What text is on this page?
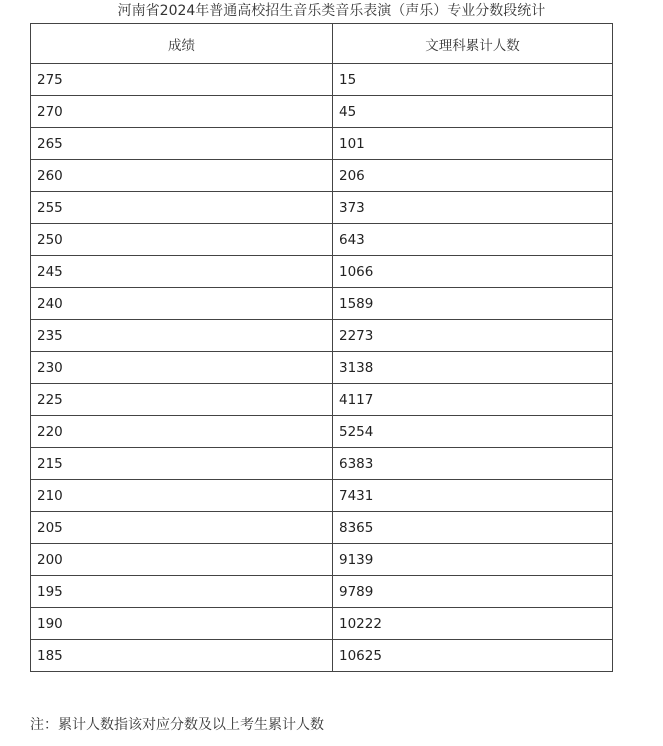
河南省2024年普通高校招生音乐类音乐表演（声乐）专业分数段统计
成绩	文理科累计人数
275	15
270	45
265	101
260	206
255	373
250	643
245	1066
240	1589
235	2273
230	3138
225	4117
220	5254
215	6383
210	7431
205	8365
200	9139
195	9789
190	10222
185	10625
注：累计人数指该对应分数及以上考生累计人数
